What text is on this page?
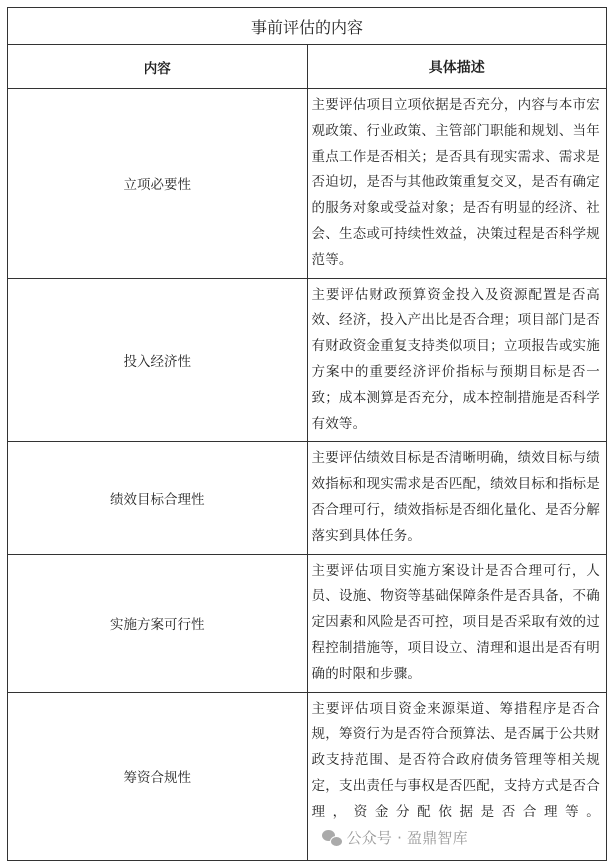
事前评估的内容	
内容	具体描述
立项必要性	主要评估项目立项依据是否充分，内容与本市宏观政策、行业政策、主管部门职能和规划、当年重点工作是否相关；是否具有现实需求、需求是否迫切，是否与其他政策重复交叉，是否有确定的服务对象或受益对象；是否有明显的经济、社会、生态或可持续性效益，决策过程是否科学规范等。
投入经济性	主要评估财政预算资金投入及资源配置是否高效、经济，投入产出比是否合理；项目部门是否有财政资金重复支持类似项目；立项报告或实施方案中的重要经济评价指标与预期目标是否一致；成本测算是否充分，成本控制措施是否科学有效等。
绩效目标合理性	主要评估绩效目标是否清晰明确，绩效目标与绩效指标和现实需求是否匹配，绩效目标和指标是否合理可行，绩效指标是否细化量化、是否分解落实到具体任务。
实施方案可行性	主要评估项目实施方案设计是否合理可行，人员、设施、物资等基础保障条件是否具备，不确定因素和风险是否可控，项目是否采取有效的过程控制措施等，项目设立、清理和退出是否有明确的时限和步骤。
筹资合规性	主要评估项目资金来源渠道、筹措程序是否合规，筹资行为是否符合预算法、是否属于公共财政支持范围、是否符合政府债务管理等相关规定，支出责任与事权是否匹配，支持方式是否合理，资金分配依据是否合理等。
公众号 · 盈鼎智库
